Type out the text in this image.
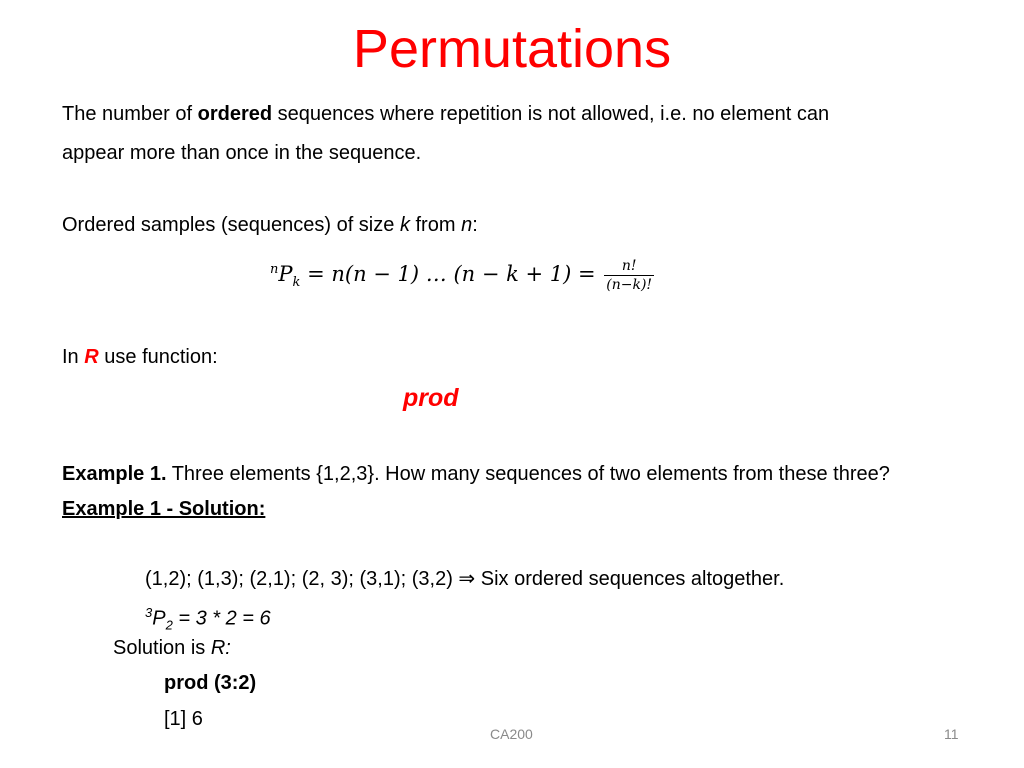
Permutations
The number of ordered sequences where repetition is not allowed, i.e. no element can
appear more than once in the sequence.
Ordered samples (sequences) of size k from n:
$^nP_k = n(n - 1)$ … $(n - k + 1) = \frac{n!}{(n-k)!}$
In R use function:
prod
Example 1. Three elements {1,2,3}. How many sequences of two elements from these three?
Example 1 - Solution:
(1,2); (1,3); (2,1); (2, 3); (3,1); (3,2) ⇒ Six ordered sequences altogether.
$^3P_2 = 3 * 2 = 6$
Solution is R:
prod (3:2)
[1] 6
CA200	11
